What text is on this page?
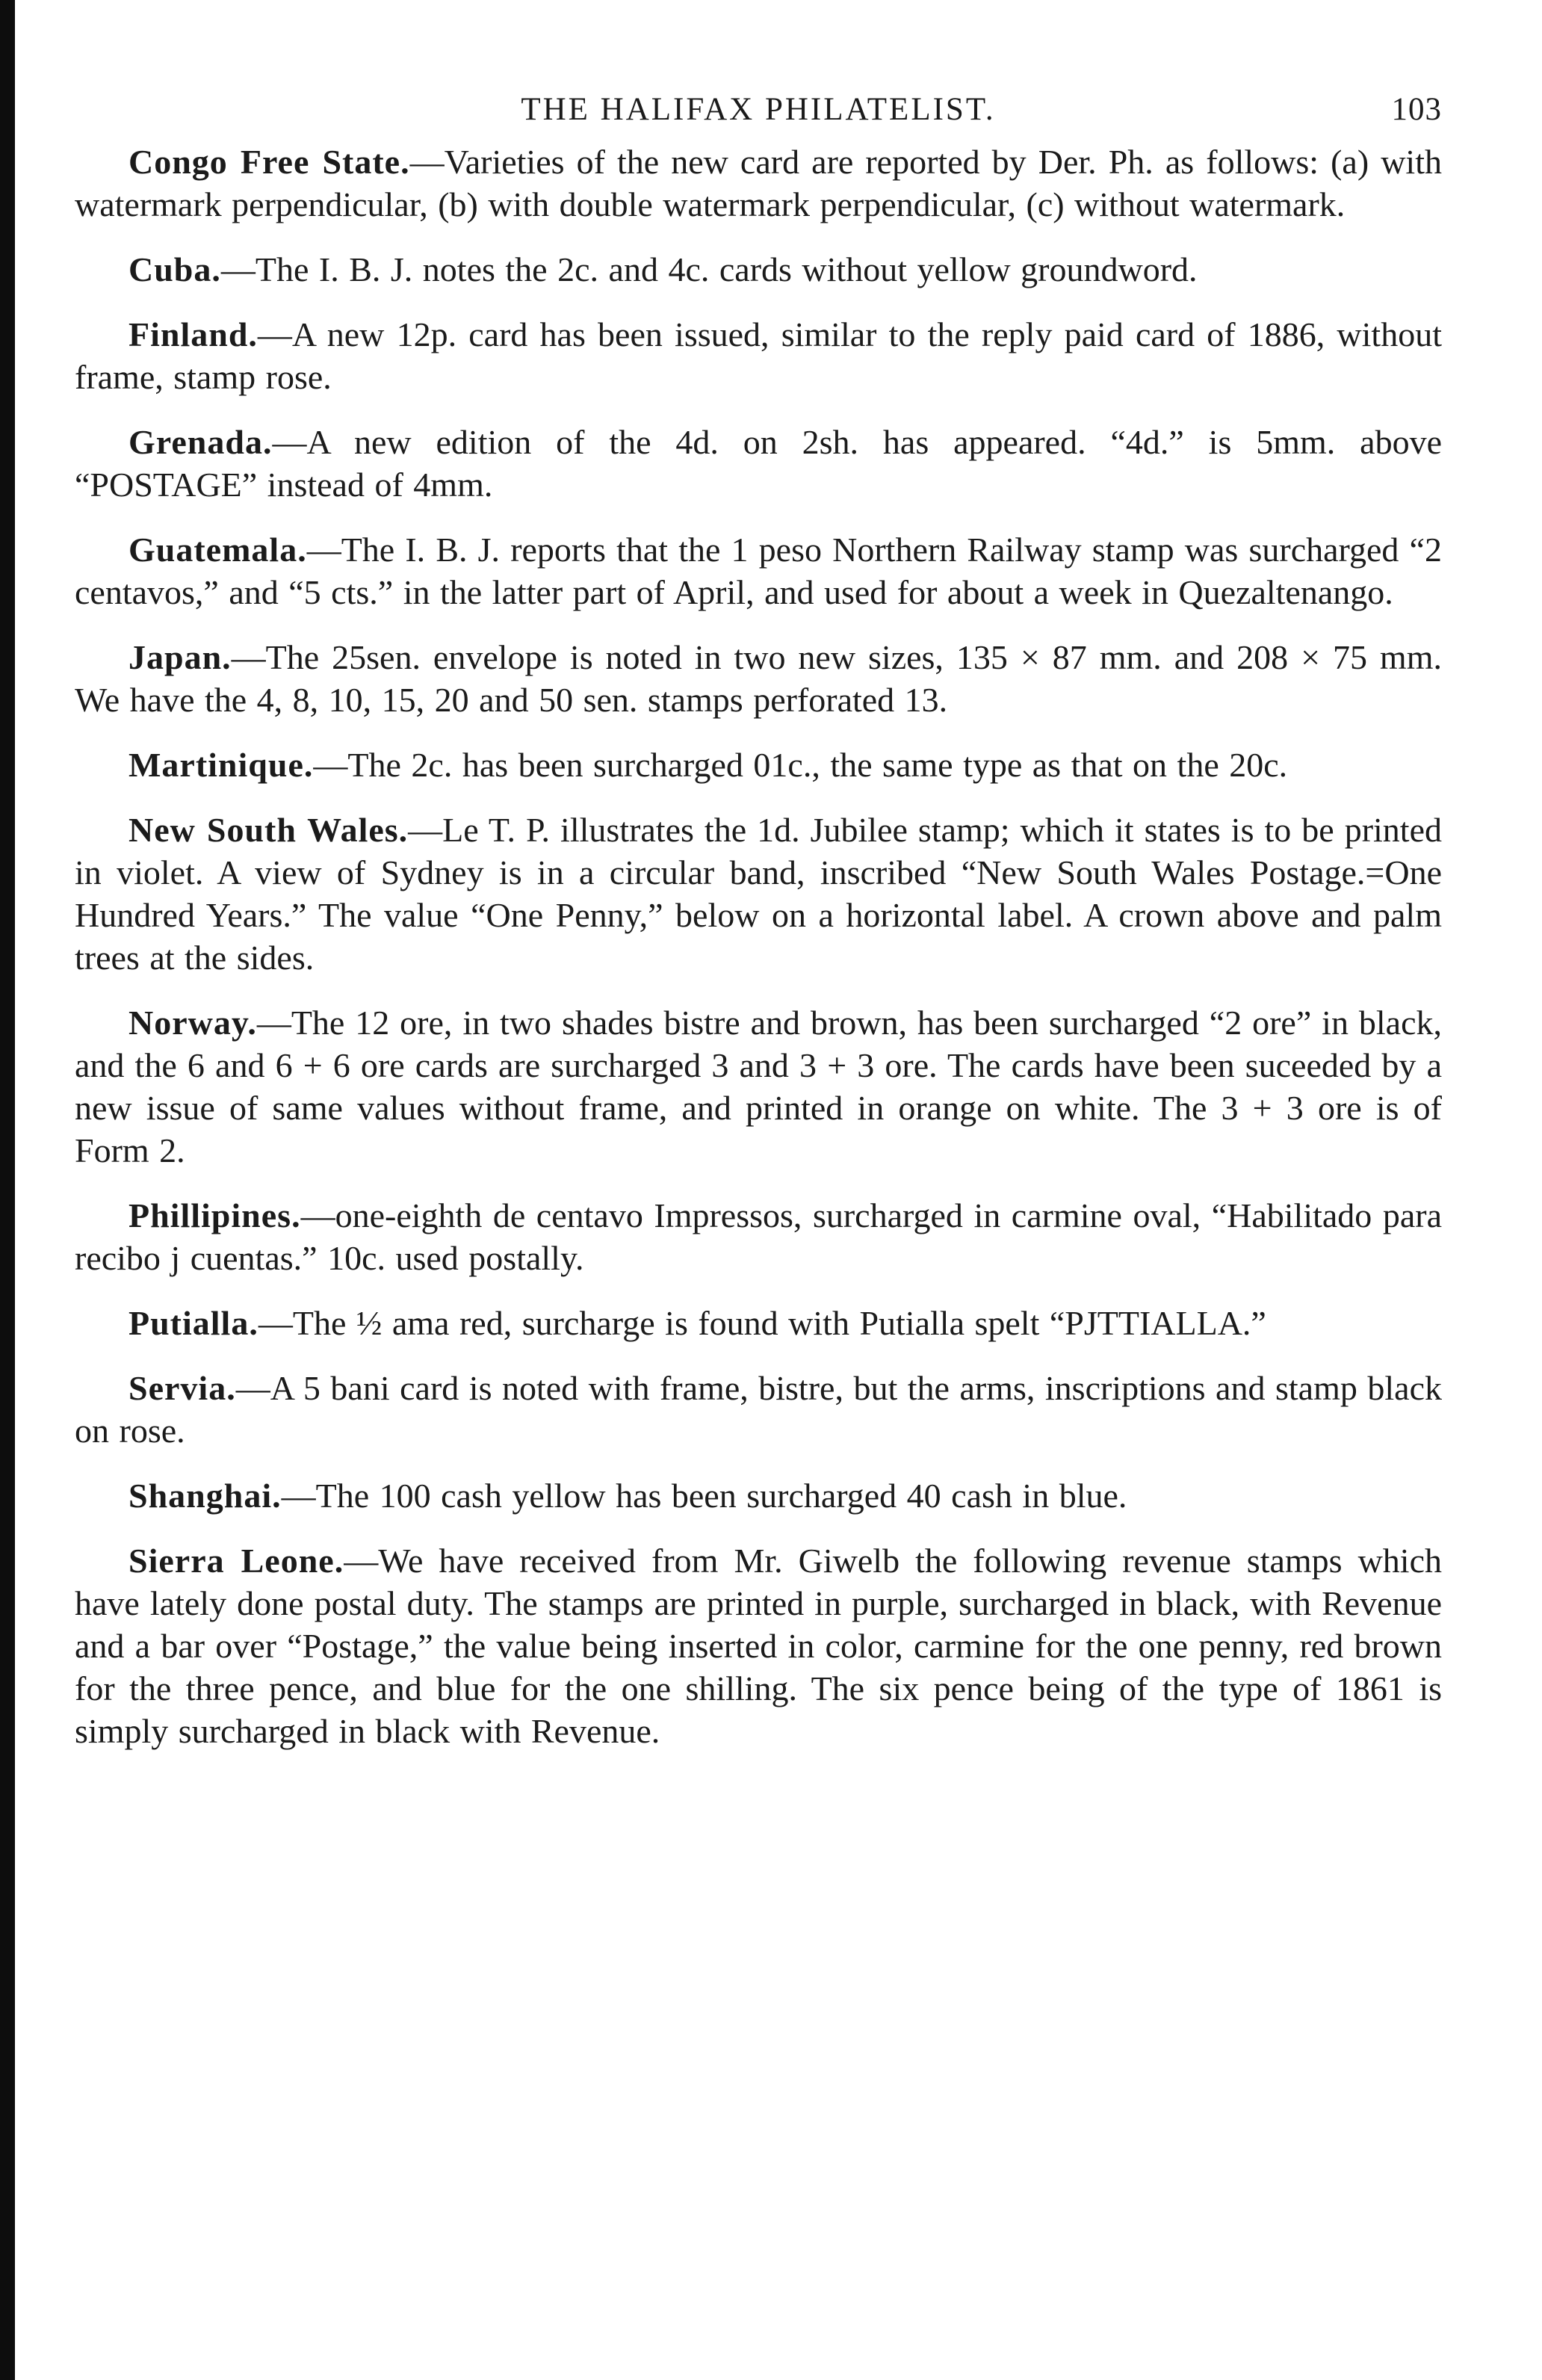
THE HALIFAX PHILATELIST.	103

Congo Free State.—Varieties of the new card are reported by Der. Ph. as follows: (a) with watermark perpendicular, (b) with double watermark perpendicular, (c) without watermark.

Cuba.—The I. B. J. notes the 2c. and 4c. cards without yellow groundword.

Finland.—A new 12p. card has been issued, similar to the reply paid card of 1886, without frame, stamp rose.

Grenada.—A new edition of the 4d. on 2sh. has appeared. “4d.” is 5mm. above “POSTAGE” instead of 4mm.

Guatemala.—The I. B. J. reports that the 1 peso Northern Railway stamp was surcharged “2 centavos,” and “5 cts.” in the latter part of April, and used for about a week in Quezaltenango.

Japan.—The 25sen. envelope is noted in two new sizes, 135 × 87 mm. and 208 × 75 mm. We have the 4, 8, 10, 15, 20 and 50 sen. stamps perforated 13.

Martinique.—The 2c. has been surcharged 01c., the same type as that on the 20c.

New South Wales.—Le T. P. illustrates the 1d. Jubilee stamp; which it states is to be printed in violet. A view of Sydney is in a circular band, inscribed “New South Wales Postage.=One Hundred Years.” The value “One Penny,” below on a horizontal label. A crown above and palm trees at the sides.

Norway.—The 12 ore, in two shades bistre and brown, has been surcharged “2 ore” in black, and the 6 and 6 + 6 ore cards are surcharged 3 and 3 + 3 ore. The cards have been suceeded by a new issue of same values without frame, and printed in orange on white. The 3 + 3 ore is of Form 2.

Phillipines.—one-eighth de centavo Impressos, surcharged in carmine oval, “Habilitado para recibo j cuentas.” 10c. used postally.

Putialla.—The ½ ama red, surcharge is found with Putialla spelt “PJTTIALLA.”

Servia.—A 5 bani card is noted with frame, bistre, but the arms, inscriptions and stamp black on rose.

Shanghai.—The 100 cash yellow has been surcharged 40 cash in blue.

Sierra Leone.—We have received from Mr. Giwelb the following revenue stamps which have lately done postal duty. The stamps are printed in purple, surcharged in black, with Revenue and a bar over “Postage,” the value being inserted in color, carmine for the one penny, red brown for the three pence, and blue for the one shilling. The six pence being of the type of 1861 is simply surcharged in black with Revenue.
